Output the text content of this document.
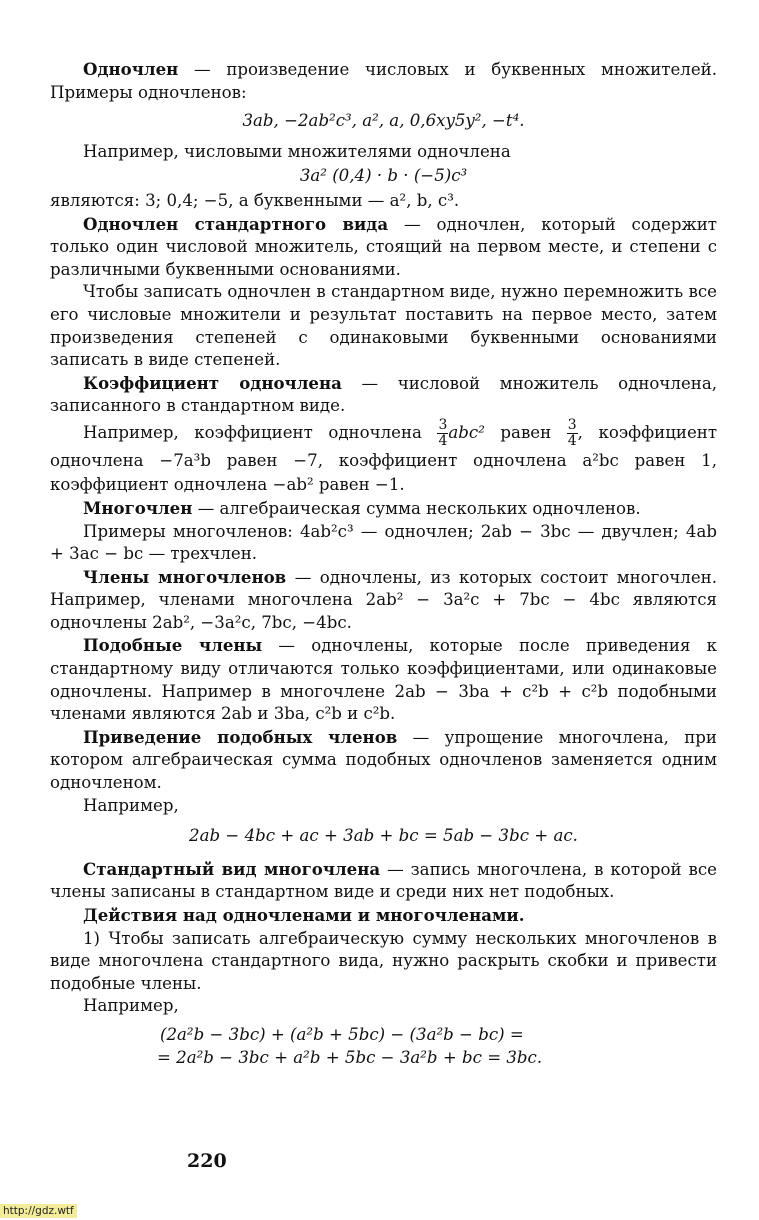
Одночлен — произведение числовых и буквенных множителей. Примеры одночленов:

3ab, −2ab²c³, a², a, 0,6xy5y², −t⁴.

Например, числовыми множителями одночлена

3a² (0,4) · b · (−5)c³

являются: 3; 0,4; −5, а буквенными — a², b, c³.

Одночлен стандартного вида — одночлен, который содержит только один числовой множитель, стоящий на первом месте, и степени с различными буквенными основаниями.

Чтобы записать одночлен в стандартном виде, нужно перемножить все его числовые множители и результат поставить на первое место, затем произведения степеней с одинаковыми буквенными основаниями записать в виде степеней.

Коэффициент одночлена — числовой множитель одночлена, записанного в стандартном виде.

Например, коэффициент одночлена $\frac{3}{4} abc^2$ равен $\frac{3}{4}$ , коэффициент одночлена −7a³b равен −7, коэффициент одночлена a²bc равен 1, коэффициент одночлена −ab² равен −1.

Многочлен — алгебраическая сумма нескольких одночленов.

Примеры многочленов: 4ab²c³ — одночлен; 2ab − 3bc — двучлен; 4ab + 3ac − bc — трехчлен.

Члены многочленов — одночлены, из которых состоит многочлен. Например, членами многочлена 2ab² − 3a²c + 7bc − 4bc являются одночлены 2ab², −3a²c, 7bc, −4bc.

Подобные члены — одночлены, которые после приведения к стандартному виду отличаются только коэффициентами, или одинаковые одночлены. Например в многочлене 2ab − 3ba + c²b + c²b подобными членами являются 2ab и 3ba, c²b и c²b.

Приведение подобных членов — упрощение многочлена, при котором алгебраическая сумма подобных одночленов заменяется одним одночленом.

Например,

2ab − 4bc + ac + 3ab + bc = 5ab − 3bc + ac.

Стандартный вид многочлена — запись многочлена, в которой все члены записаны в стандартном виде и среди них нет подобных.

Действия над одночленами и многочленами.

1) Чтобы записать алгебраическую сумму нескольких многочленов в виде многочлена стандартного вида, нужно раскрыть скобки и привести подобные члены.

Например,

(2a²b − 3bc) + (a²b + 5bc) − (3a²b − bc) =

= 2a²b − 3bc + a²b + 5bc − 3a²b + bc = 3bc.

220
http://gdz.wtf
